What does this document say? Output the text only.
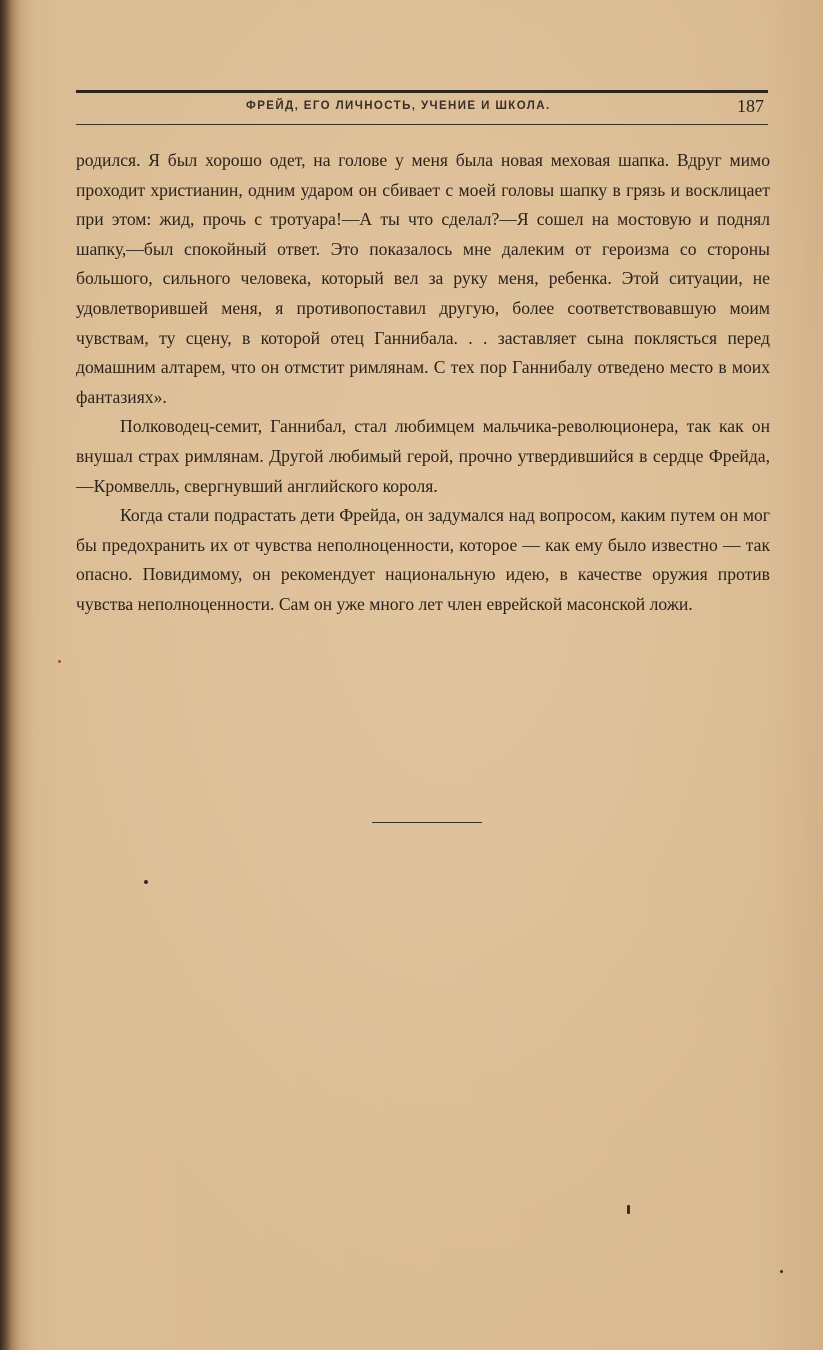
ФРЕЙД, ЕГО ЛИЧНОСТЬ, УЧЕНИЕ И ШКОЛА.	187

родился. Я был хорошо одет, на голове у меня была новая меховая шапка. Вдруг мимо проходит христианин, одним ударом он сбивает с моей головы шапку в грязь и восклицает при этом: жид, прочь с тротуара!—А ты что сделал?—Я сошел на мостовую и поднял шапку,—был спокойный ответ. Это показалось мне далеким от героизма со стороны большого, сильного человека, который вел за руку меня, ребенка. Этой ситуации, не удовлетворившей меня, я противопоставил другую, более соответствовавшую моим чувствам, ту сцену, в которой отец Ганнибала. . . заставляет сына поклясться перед домашним алтарем, что он отмстит римлянам. С тех пор Ганнибалу отведено место в моих фантазиях».

Полководец-семит, Ганнибал, стал любимцем мальчика-революционера, так как он внушал страх римлянам. Другой любимый герой, прочно утвердившийся в сердце Фрейда,—Кромвелль, свергнувший английского короля.

Когда стали подрастать дети Фрейда, он задумался над вопросом, каким путем он мог бы предохранить их от чувства неполноценности, которое — как ему было известно — так опасно. Повидимому, он рекомендует национальную идею, в качестве оружия против чувства неполноценности. Сам он уже много лет член еврейской масонской ложи.
